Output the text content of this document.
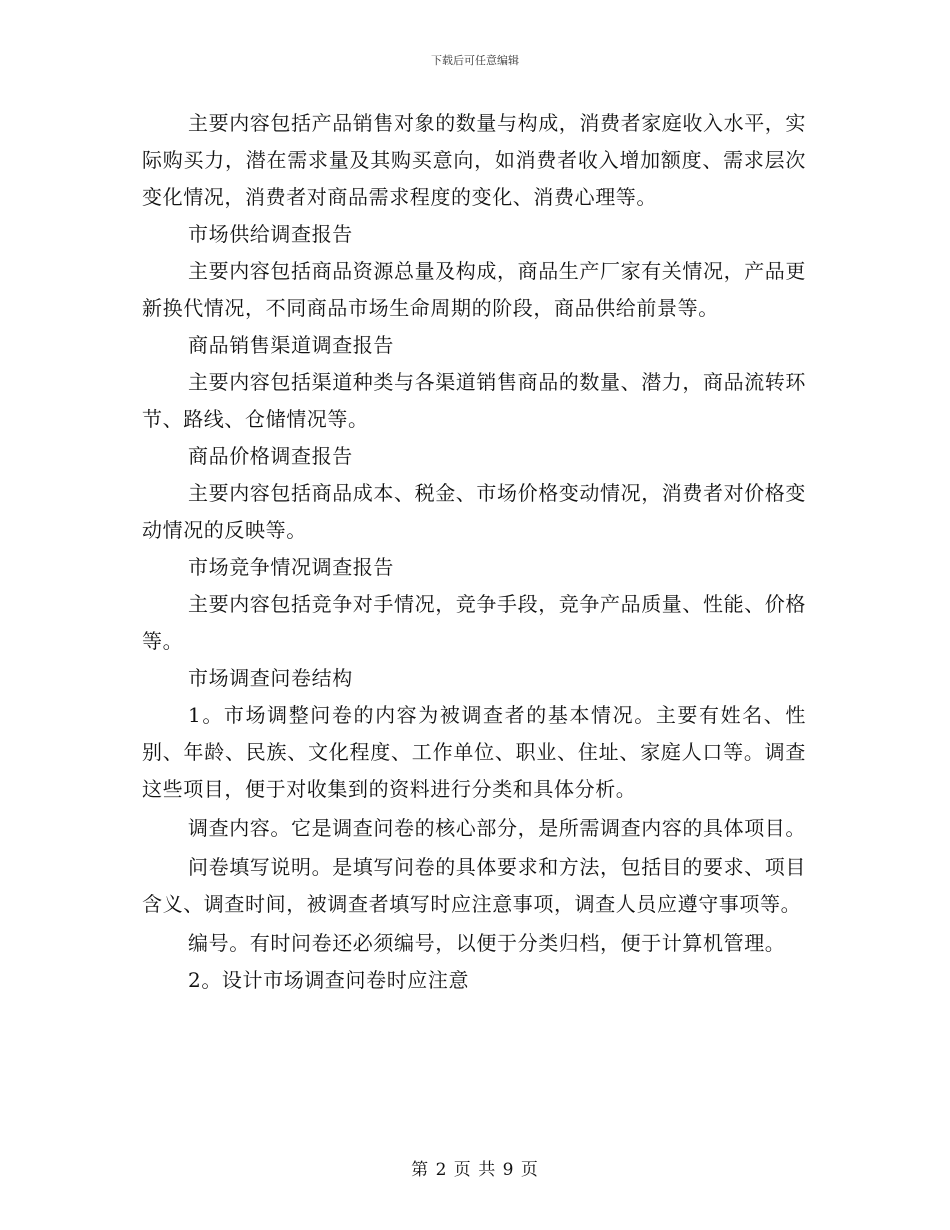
下载后可任意编辑

主要内容包括产品销售对象的数量与构成，消费者家庭收入水平，实际购买力，潜在需求量及其购买意向，如消费者收入增加额度、需求层次变化情况，消费者对商品需求程度的变化、消费心理等。

市场供给调查报告

主要内容包括商品资源总量及构成，商品生产厂家有关情况，产品更新换代情况，不同商品市场生命周期的阶段，商品供给前景等。

商品销售渠道调查报告

主要内容包括渠道种类与各渠道销售商品的数量、潜力，商品流转环节、路线、仓储情况等。

商品价格调查报告

主要内容包括商品成本、税金、市场价格变动情况，消费者对价格变动情况的反映等。

市场竞争情况调查报告

主要内容包括竞争对手情况，竞争手段，竞争产品质量、性能、价格等。

市场调查问卷结构

1。市场调整问卷的内容为被调查者的基本情况。主要有姓名、性别、年龄、民族、文化程度、工作单位、职业、住址、家庭人口等。调查这些项目，便于对收集到的资料进行分类和具体分析。

调查内容。它是调查问卷的核心部分，是所需调查内容的具体项目。

问卷填写说明。是填写问卷的具体要求和方法，包括目的要求、项目含义、调查时间，被调查者填写时应注意事项，调查人员应遵守事项等。

编号。有时问卷还必须编号，以便于分类归档，便于计算机管理。

2。设计市场调查问卷时应注意

第 2 页 共 9 页
